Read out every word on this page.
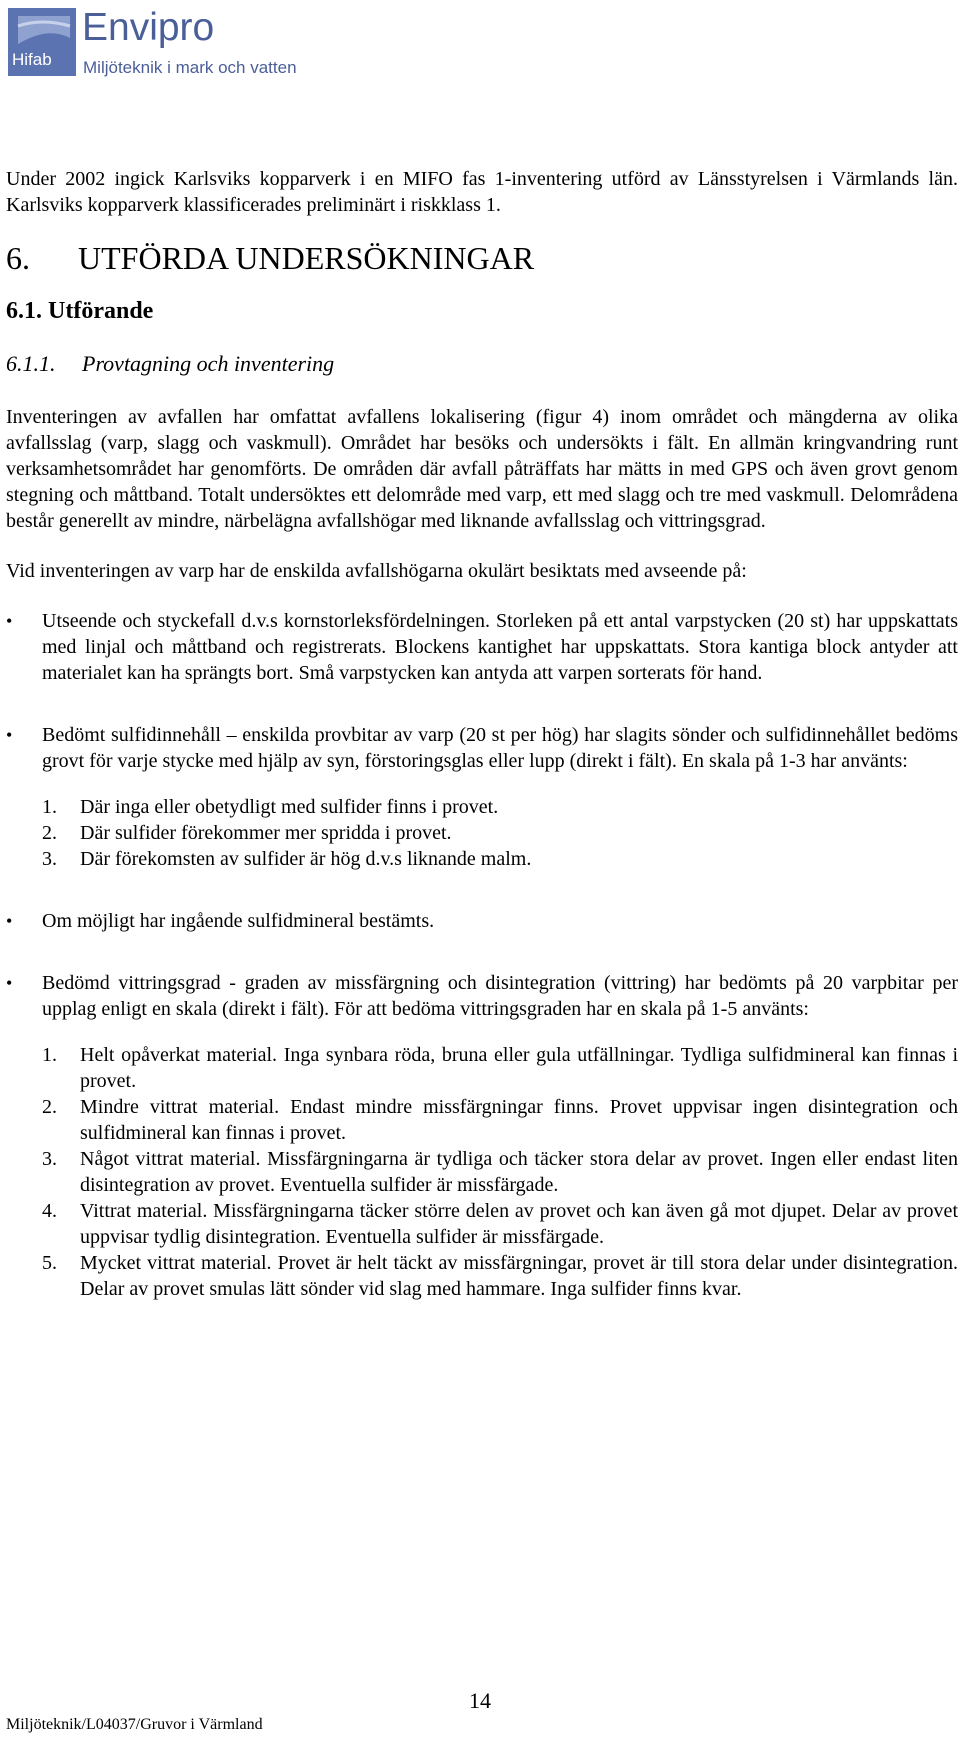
Hifab
Envipro
Miljöteknik i mark och vatten

Under 2002 ingick Karlsviks kopparverk i en MIFO fas 1-inventering utförd av Länsstyrelsen i Värmlands län. Karlsviks kopparverk klassificerades preliminärt i riskklass 1.

6. UTFÖRDA UNDERSÖKNINGAR
6.1. Utförande
6.1.1. Provtagning och inventering

Inventeringen av avfallen har omfattat avfallens lokalisering (figur 4) inom området och mängderna av olika avfallsslag (varp, slagg och vaskmull). Området har besöks och undersökts i fält. En allmän kringvandring runt verksamhetsområdet har genomförts. De områden där avfall påträffats har mätts in med GPS och även grovt genom stegning och måttband. Totalt undersöktes ett delområde med varp, ett med slagg och tre med vaskmull. Delområdena består generellt av mindre, närbelägna avfallshögar med liknande avfallsslag och vittringsgrad.

Vid inventeringen av varp har de enskilda avfallshögarna okulärt besiktats med avseende på:

• Utseende och styckefall d.v.s kornstorleksfördelningen. Storleken på ett antal varpstycken (20 st) har uppskattats med linjal och måttband och registrerats. Blockens kantighet har uppskattats. Stora kantiga block antyder att materialet kan ha sprängts bort. Små varpstycken kan antyda att varpen sorterats för hand.
• Bedömt sulfidinnehåll – enskilda provbitar av varp (20 st per hög) har slagits sönder och sulfidinnehållet bedöms grovt för varje stycke med hjälp av syn, förstoringsglas eller lupp (direkt i fält). En skala på 1-3 har använts:
1. Där inga eller obetydligt med sulfider finns i provet.
2. Där sulfider förekommer mer spridda i provet.
3. Där förekomsten av sulfider är hög d.v.s liknande malm.
• Om möjligt har ingående sulfidmineral bestämts.
• Bedömd vittringsgrad - graden av missfärgning och disintegration (vittring) har bedömts på 20 varpbitar per upplag enligt en skala (direkt i fält). För att bedöma vittringsgraden har en skala på 1-5 använts:
1. Helt opåverkat material. Inga synbara röda, bruna eller gula utfällningar. Tydliga sulfidmineral kan finnas i provet.
2. Mindre vittrat material. Endast mindre missfärgningar finns. Provet uppvisar ingen disintegration och sulfidmineral kan finnas i provet.
3. Något vittrat material. Missfärgningarna är tydliga och täcker stora delar av provet. Ingen eller endast liten disintegration av provet. Eventuella sulfider är missfärgade.
4. Vittrat material. Missfärgningarna täcker större delen av provet och kan även gå mot djupet. Delar av provet uppvisar tydlig disintegration. Eventuella sulfider är missfärgade.
5. Mycket vittrat material. Provet är helt täckt av missfärgningar, provet är till stora delar under disintegration. Delar av provet smulas lätt sönder vid slag med hammare. Inga sulfider finns kvar.
14
Miljöteknik/L04037/Gruvor i Värmland
